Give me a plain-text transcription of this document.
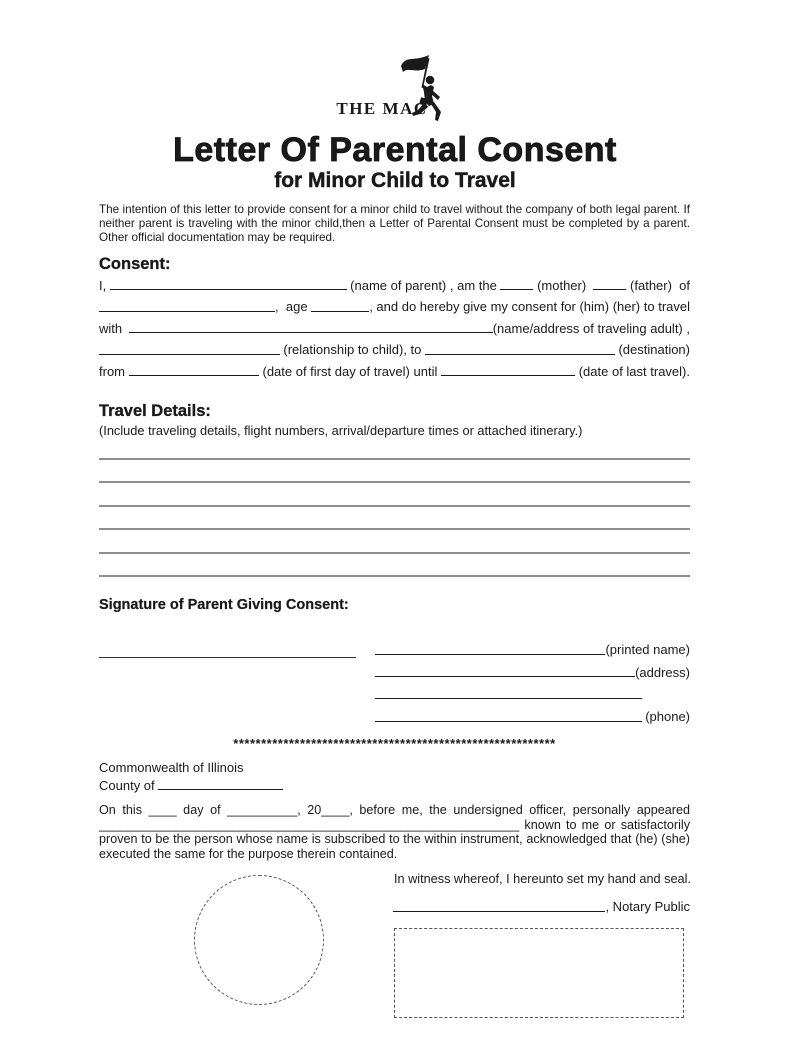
THE MAC
Letter Of Parental Consent
for Minor Child to Travel
The intention of this letter to provide consent for a minor child to travel without the company of both legal parent. If neither parent is traveling with the minor child,then a Letter of Parental Consent must be completed by a parent. Other official documentation may be required.
Consent:
I,	(name of parent) , am the	(mother)	(father)  of
,  age	, and do hereby give my consent for (him) (her) to travel
with	(name/address of traveling adult) ,
(relationship to child), to	(destination)
from	(date of first day of travel) until	(date of last travel).
Travel Details:
(Include traveling details, flight numbers, arrival/departure times or attached itinerary.)
Signature of Parent Giving Consent:
(printed name)
(address)
(phone)
**********************************************************
Commonwealth of Illinois
County of
On this ____ day of __________, 20____, before me, the undersigned officer, personally appeared
____________________________________________________________ known to me or satisfactorily
proven to be the person whose name is subscribed to the within instrument, acknowledged that (he) (she)
executed the same for the purpose therein contained.
In witness whereof, I hereunto set my hand and seal.
, Notary Public
